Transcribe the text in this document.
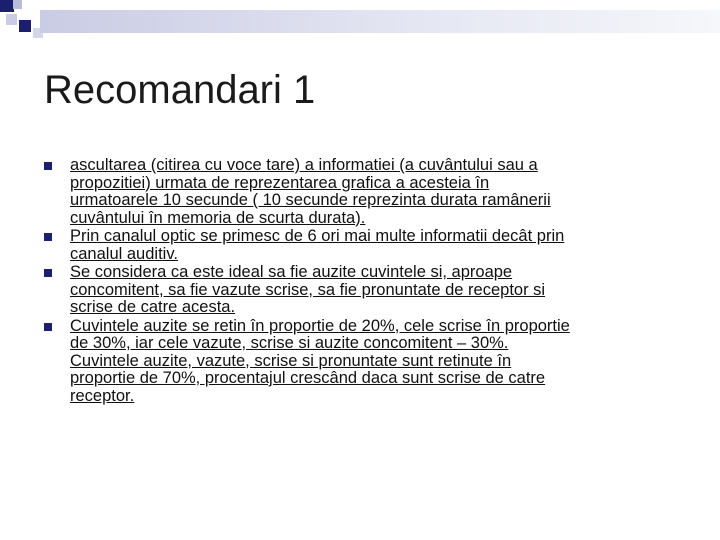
Recomandari 1
ascultarea (citirea cu voce tare) a informatiei (a cuvântului sau a
propozitiei) urmata de reprezentarea grafica a acesteia în
urmatoarele 10 secunde ( 10 secunde reprezinta durata ramânerii
cuvântului în memoria de scurta durata).
Prin canalul optic se primesc de 6 ori mai multe informatii decât prin
canalul auditiv.
Se considera ca este ideal sa fie auzite cuvintele si, aproape
concomitent, sa fie vazute scrise, sa fie pronuntate de receptor si
scrise de catre acesta.
Cuvintele auzite se retin în proportie de 20%, cele scrise în proportie
de 30%, iar cele vazute, scrise si auzite concomitent – 30%.
Cuvintele auzite, vazute, scrise si pronuntate sunt retinute în
proportie de 70%, procentajul crescând daca sunt scrise de catre
receptor.
